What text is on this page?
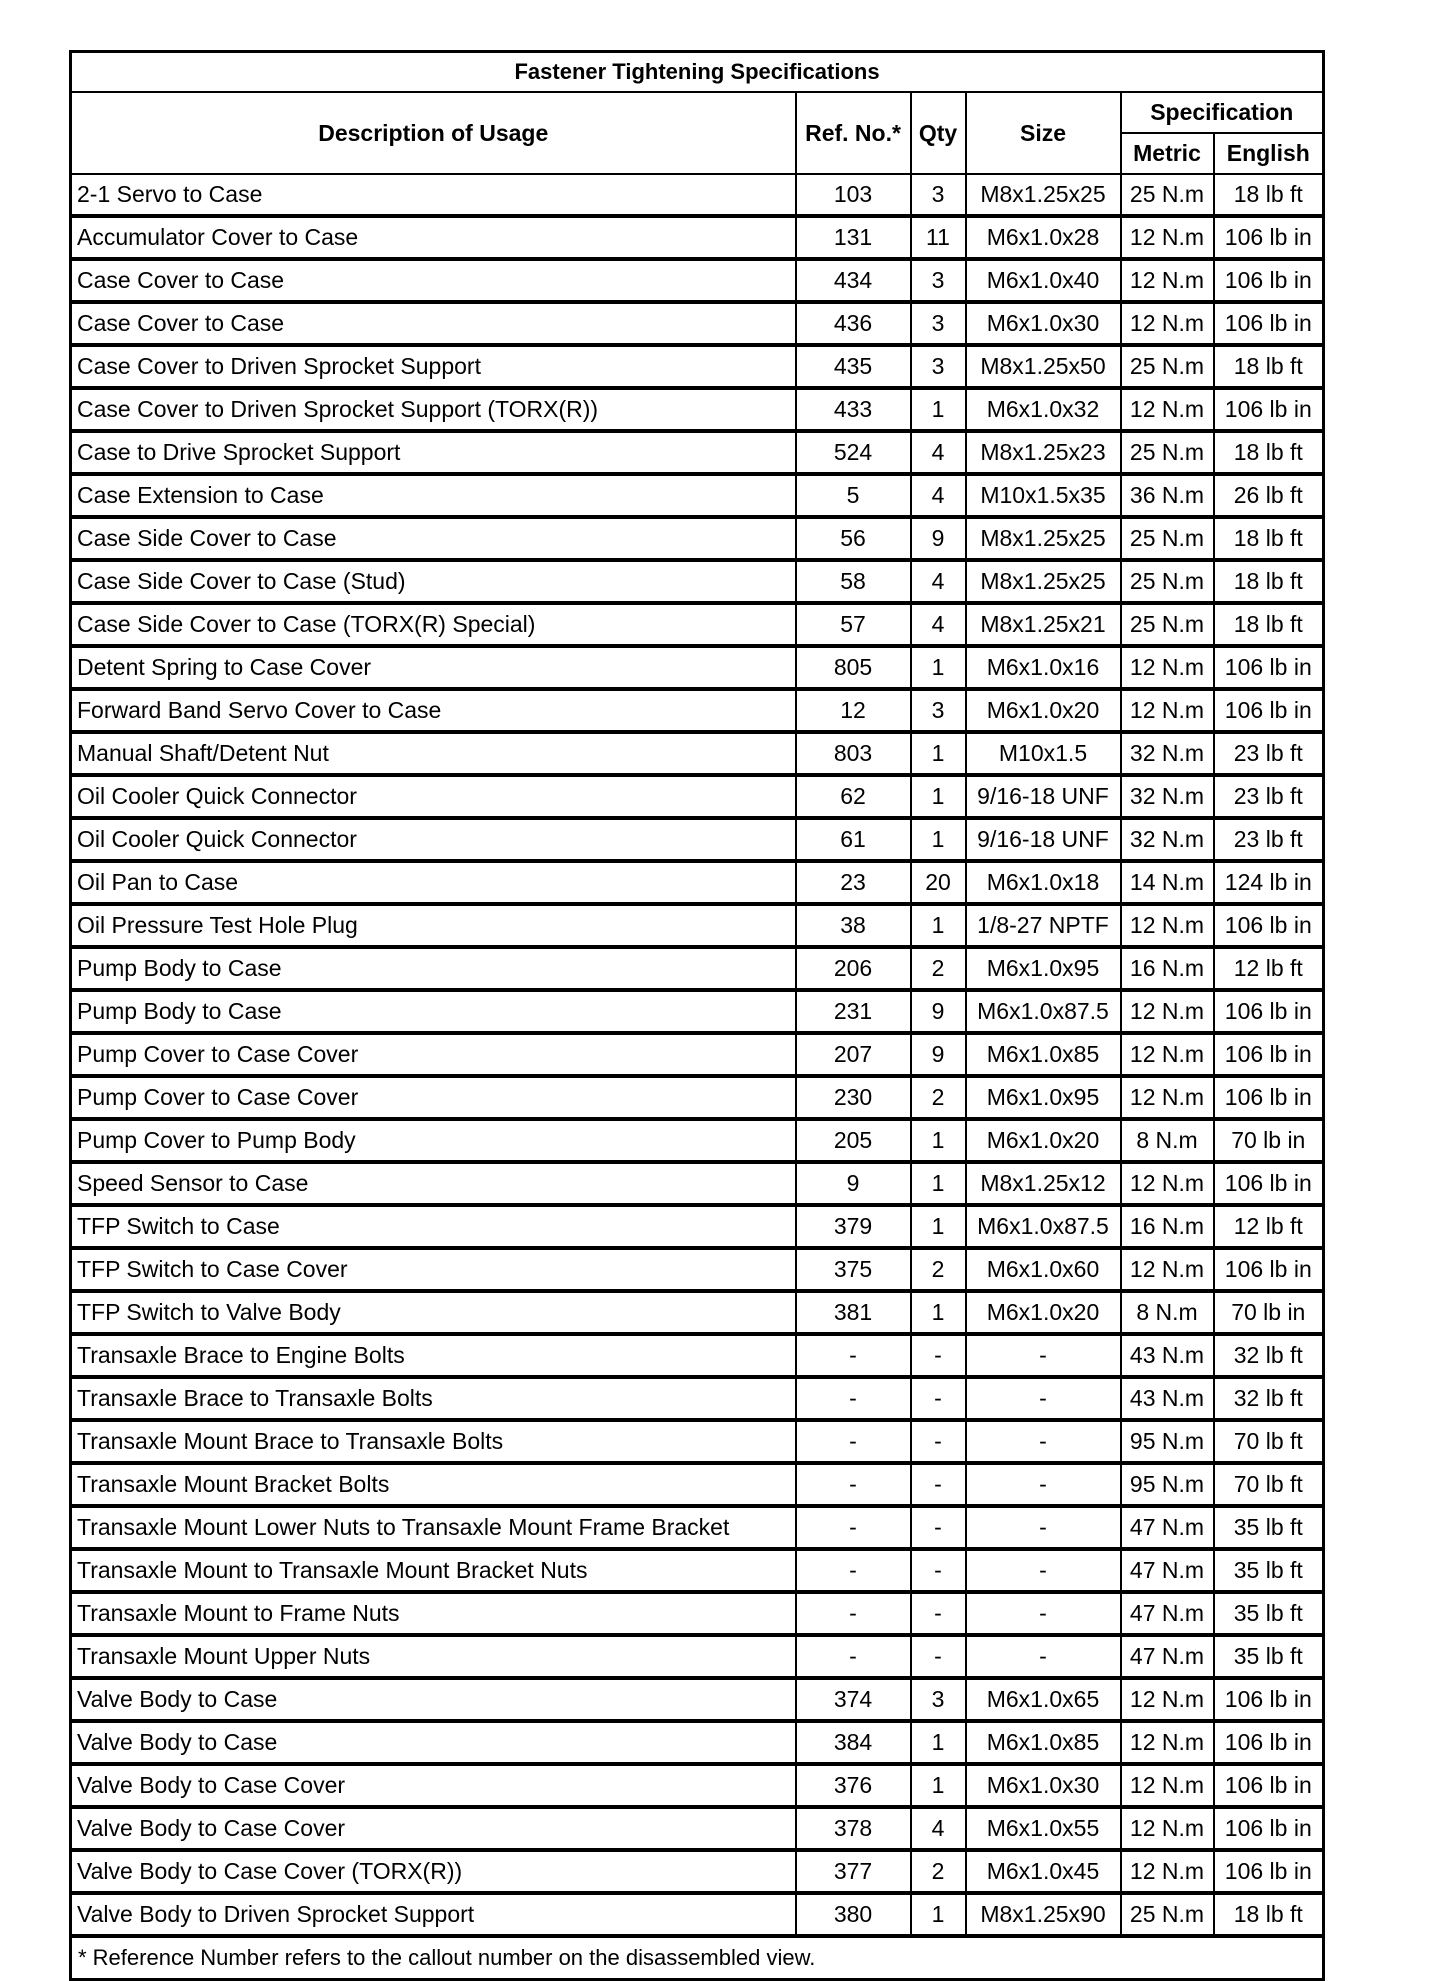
Fastener Tightening Specifications					
Description of Usage	Ref. No.*	Qty	Size	Specification	
				Metric	English
2-1 Servo to Case	103	3	M8x1.25x25	25 N.m	18 lb ft
Accumulator Cover to Case	131	11	M6x1.0x28	12 N.m	106 lb in
Case Cover to Case	434	3	M6x1.0x40	12 N.m	106 lb in
Case Cover to Case	436	3	M6x1.0x30	12 N.m	106 lb in
Case Cover to Driven Sprocket Support	435	3	M8x1.25x50	25 N.m	18 lb ft
Case Cover to Driven Sprocket Support (TORX(R))	433	1	M6x1.0x32	12 N.m	106 lb in
Case to Drive Sprocket Support	524	4	M8x1.25x23	25 N.m	18 lb ft
Case Extension to Case	5	4	M10x1.5x35	36 N.m	26 lb ft
Case Side Cover to Case	56	9	M8x1.25x25	25 N.m	18 lb ft
Case Side Cover to Case (Stud)	58	4	M8x1.25x25	25 N.m	18 lb ft
Case Side Cover to Case (TORX(R) Special)	57	4	M8x1.25x21	25 N.m	18 lb ft
Detent Spring to Case Cover	805	1	M6x1.0x16	12 N.m	106 lb in
Forward Band Servo Cover to Case	12	3	M6x1.0x20	12 N.m	106 lb in
Manual Shaft/Detent Nut	803	1	M10x1.5	32 N.m	23 lb ft
Oil Cooler Quick Connector	62	1	9/16-18 UNF	32 N.m	23 lb ft
Oil Cooler Quick Connector	61	1	9/16-18 UNF	32 N.m	23 lb ft
Oil Pan to Case	23	20	M6x1.0x18	14 N.m	124 lb in
Oil Pressure Test Hole Plug	38	1	1/8-27 NPTF	12 N.m	106 lb in
Pump Body to Case	206	2	M6x1.0x95	16 N.m	12 lb ft
Pump Body to Case	231	9	M6x1.0x87.5	12 N.m	106 lb in
Pump Cover to Case Cover	207	9	M6x1.0x85	12 N.m	106 lb in
Pump Cover to Case Cover	230	2	M6x1.0x95	12 N.m	106 lb in
Pump Cover to Pump Body	205	1	M6x1.0x20	8 N.m	70 lb in
Speed Sensor to Case	9	1	M8x1.25x12	12 N.m	106 lb in
TFP Switch to Case	379	1	M6x1.0x87.5	16 N.m	12 lb ft
TFP Switch to Case Cover	375	2	M6x1.0x60	12 N.m	106 lb in
TFP Switch to Valve Body	381	1	M6x1.0x20	8 N.m	70 lb in
Transaxle Brace to Engine Bolts	-	-	-	43 N.m	32 lb ft
Transaxle Brace to Transaxle Bolts	-	-	-	43 N.m	32 lb ft
Transaxle Mount Brace to Transaxle Bolts	-	-	-	95 N.m	70 lb ft
Transaxle Mount Bracket Bolts	-	-	-	95 N.m	70 lb ft
Transaxle Mount Lower Nuts to Transaxle Mount Frame Bracket	-	-	-	47 N.m	35 lb ft
Transaxle Mount to Transaxle Mount Bracket Nuts	-	-	-	47 N.m	35 lb ft
Transaxle Mount to Frame Nuts	-	-	-	47 N.m	35 lb ft
Transaxle Mount Upper Nuts	-	-	-	47 N.m	35 lb ft
Valve Body to Case	374	3	M6x1.0x65	12 N.m	106 lb in
Valve Body to Case	384	1	M6x1.0x85	12 N.m	106 lb in
Valve Body to Case Cover	376	1	M6x1.0x30	12 N.m	106 lb in
Valve Body to Case Cover	378	4	M6x1.0x55	12 N.m	106 lb in
Valve Body to Case Cover (TORX(R))	377	2	M6x1.0x45	12 N.m	106 lb in
Valve Body to Driven Sprocket Support	380	1	M8x1.25x90	25 N.m	18 lb ft
* Reference Number refers to the callout number on the disassembled view.					
